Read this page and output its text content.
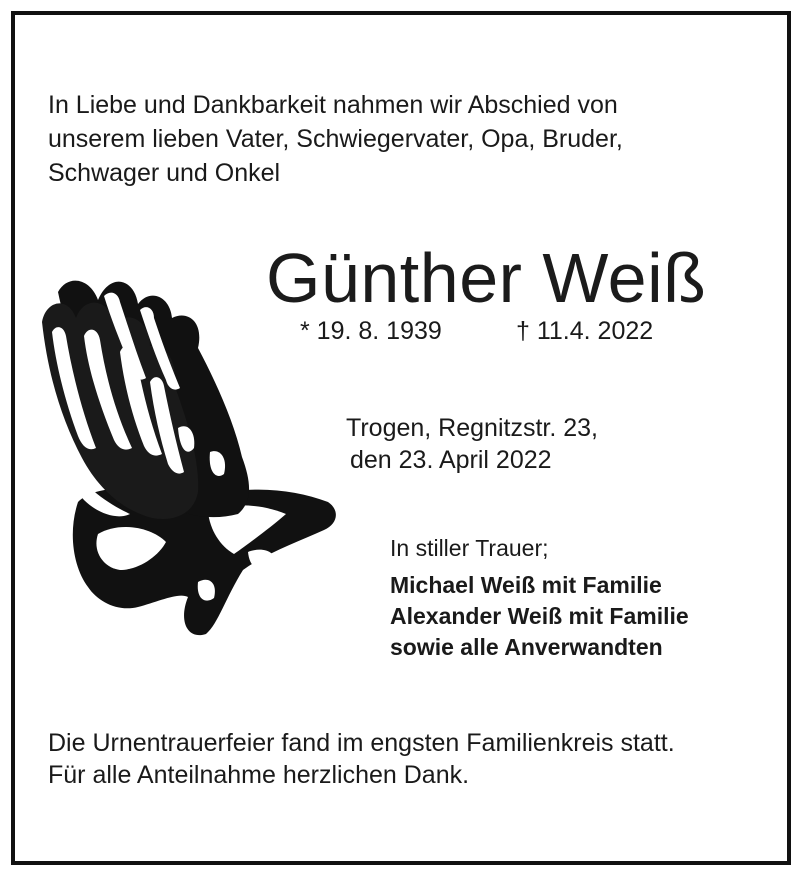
In Liebe und Dankbarkeit nahmen wir Abschied von
unserem lieben Vater, Schwiegervater, Opa, Bruder,
Schwager und Onkel
Günther Weiß
* 19. 8. 1939	† 11.4. 2022
Trogen, Regnitzstr. 23,
den 23. April 2022
In stiller Trauer;
Michael Weiß mit Familie
Alexander Weiß mit Familie
sowie alle Anverwandten
Die Urnentrauerfeier fand im engsten Familienkreis statt.
Für alle Anteilnahme herzlichen Dank.
